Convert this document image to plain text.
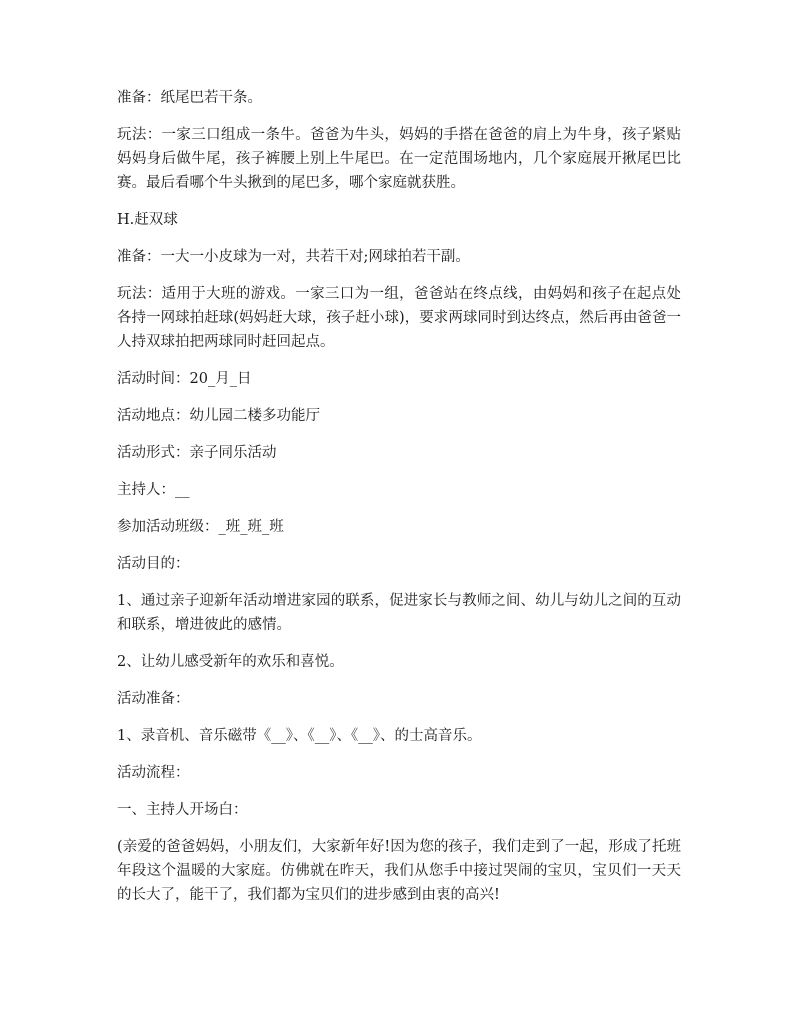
准备：纸尾巴若干条。

玩法：一家三口组成一条牛。爸爸为牛头，妈妈的手搭在爸爸的肩上为牛身，孩子紧贴妈妈身后做牛尾，孩子裤腰上别上牛尾巴。在一定范围场地内，几个家庭展开揪尾巴比赛。最后看哪个牛头揪到的尾巴多，哪个家庭就获胜。

H.赶双球

准备：一大一小皮球为一对，共若干对;网球拍若干副。

玩法：适用于大班的游戏。一家三口为一组，爸爸站在终点线，由妈妈和孩子在起点处各持一网球拍赶球(妈妈赶大球，孩子赶小球)，要求两球同时到达终点，然后再由爸爸一人持双球拍把两球同时赶回起点。

活动时间：20_月_日

活动地点：幼儿园二楼多功能厅

活动形式：亲子同乐活动

主持人：__

参加活动班级：_班_班_班

活动目的：

1、通过亲子迎新年活动增进家园的联系，促进家长与教师之间、幼儿与幼儿之间的互动和联系，增进彼此的感情。

2、让幼儿感受新年的欢乐和喜悦。

活动准备：

1、录音机、音乐磁带《__》、《__》、《__》、的士高音乐。

活动流程：

一、主持人开场白：

(亲爱的爸爸妈妈，小朋友们，大家新年好!因为您的孩子，我们走到了一起，形成了托班年段这个温暖的大家庭。仿佛就在昨天，我们从您手中接过哭闹的宝贝，宝贝们一天天的长大了，能干了，我们都为宝贝们的进步感到由衷的高兴!
